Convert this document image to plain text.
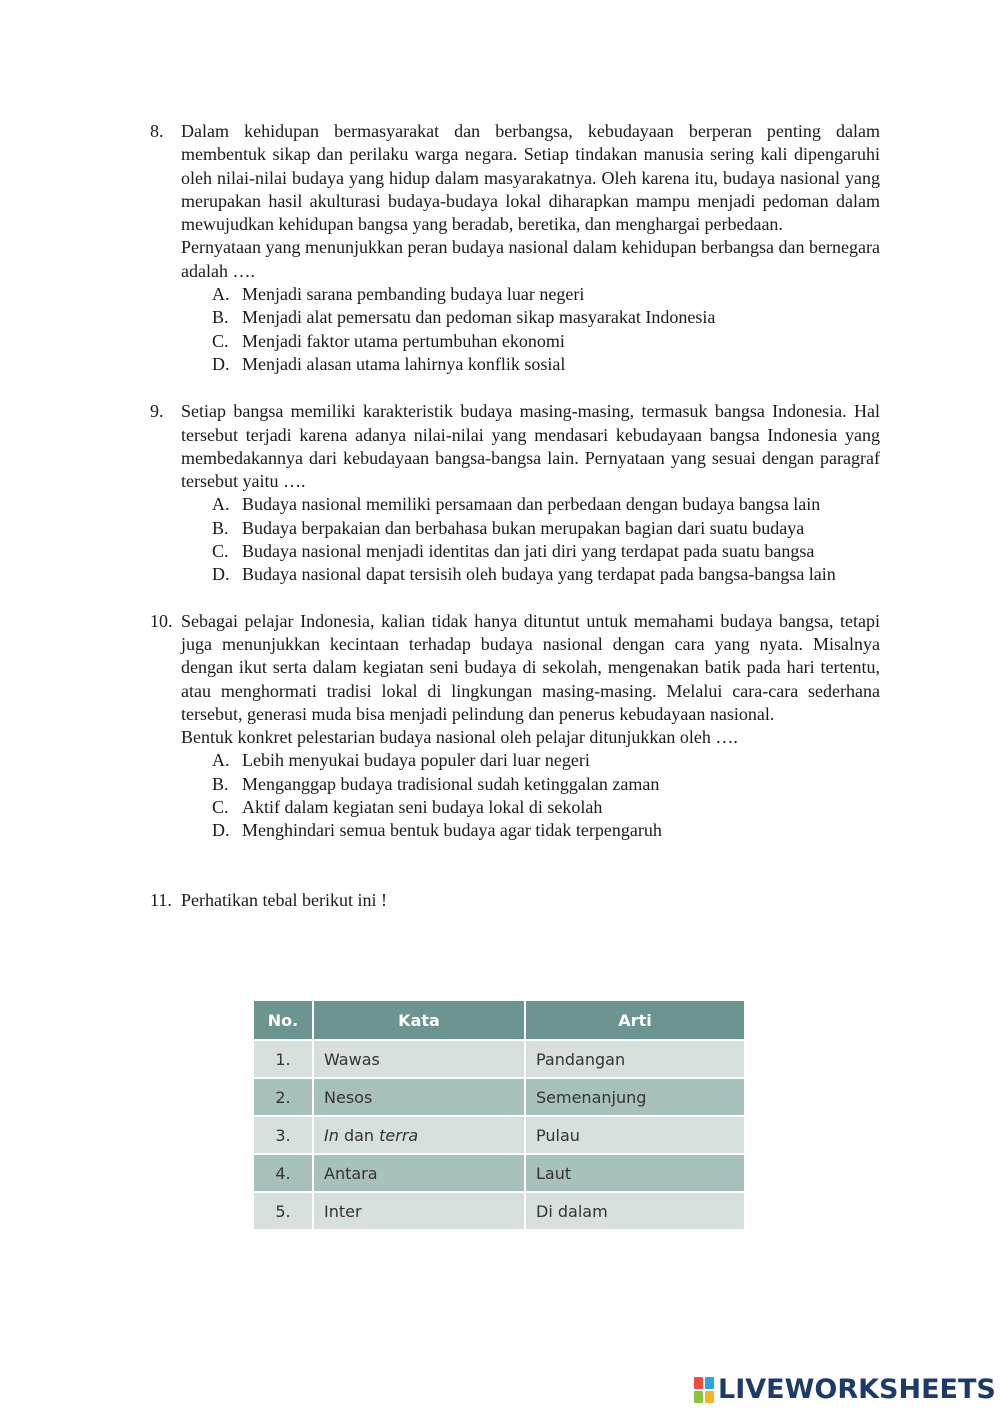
8. Dalam kehidupan bermasyarakat dan berbangsa, kebudayaan berperan penting dalam membentuk sikap dan perilaku warga negara. Setiap tindakan manusia sering kali dipengaruhi oleh nilai-nilai budaya yang hidup dalam masyarakatnya. Oleh karena itu, budaya nasional yang merupakan hasil akulturasi budaya-budaya lokal diharapkan mampu menjadi pedoman dalam mewujudkan kehidupan bangsa yang beradab, beretika, dan menghargai perbedaan.
Pernyataan yang menunjukkan peran budaya nasional dalam kehidupan berbangsa dan bernegara adalah ….
A. Menjadi sarana pembanding budaya luar negeri
B. Menjadi alat pemersatu dan pedoman sikap masyarakat Indonesia
C. Menjadi faktor utama pertumbuhan ekonomi
D. Menjadi alasan utama lahirnya konflik sosial
9. Setiap bangsa memiliki karakteristik budaya masing-masing, termasuk bangsa Indonesia. Hal tersebut terjadi karena adanya nilai-nilai yang mendasari kebudayaan bangsa Indonesia yang membedakannya dari kebudayaan bangsa-bangsa lain. Pernyataan yang sesuai dengan paragraf tersebut yaitu ….
A. Budaya nasional memiliki persamaan dan perbedaan dengan budaya bangsa lain
B. Budaya berpakaian dan berbahasa bukan merupakan bagian dari suatu budaya
C. Budaya nasional menjadi identitas dan jati diri yang terdapat pada suatu bangsa
D. Budaya nasional dapat tersisih oleh budaya yang terdapat pada bangsa-bangsa lain
10. Sebagai pelajar Indonesia, kalian tidak hanya dituntut untuk memahami budaya bangsa, tetapi juga menunjukkan kecintaan terhadap budaya nasional dengan cara yang nyata. Misalnya dengan ikut serta dalam kegiatan seni budaya di sekolah, mengenakan batik pada hari tertentu, atau menghormati tradisi lokal di lingkungan masing-masing. Melalui cara-cara sederhana tersebut, generasi muda bisa menjadi pelindung dan penerus kebudayaan nasional.
Bentuk konkret pelestarian budaya nasional oleh pelajar ditunjukkan oleh ….
A. Lebih menyukai budaya populer dari luar negeri
B. Menganggap budaya tradisional sudah ketinggalan zaman
C. Aktif dalam kegiatan seni budaya lokal di sekolah
D. Menghindari semua bentuk budaya agar tidak terpengaruh
11. Perhatikan tebal berikut ini !
No.	Kata	Arti
1.	Wawas	Pandangan
2.	Nesos	Semenanjung
3.	In dan terra	Pulau
4.	Antara	Laut
5.	Inter	Di dalam
LIVEWORKSHEETS
